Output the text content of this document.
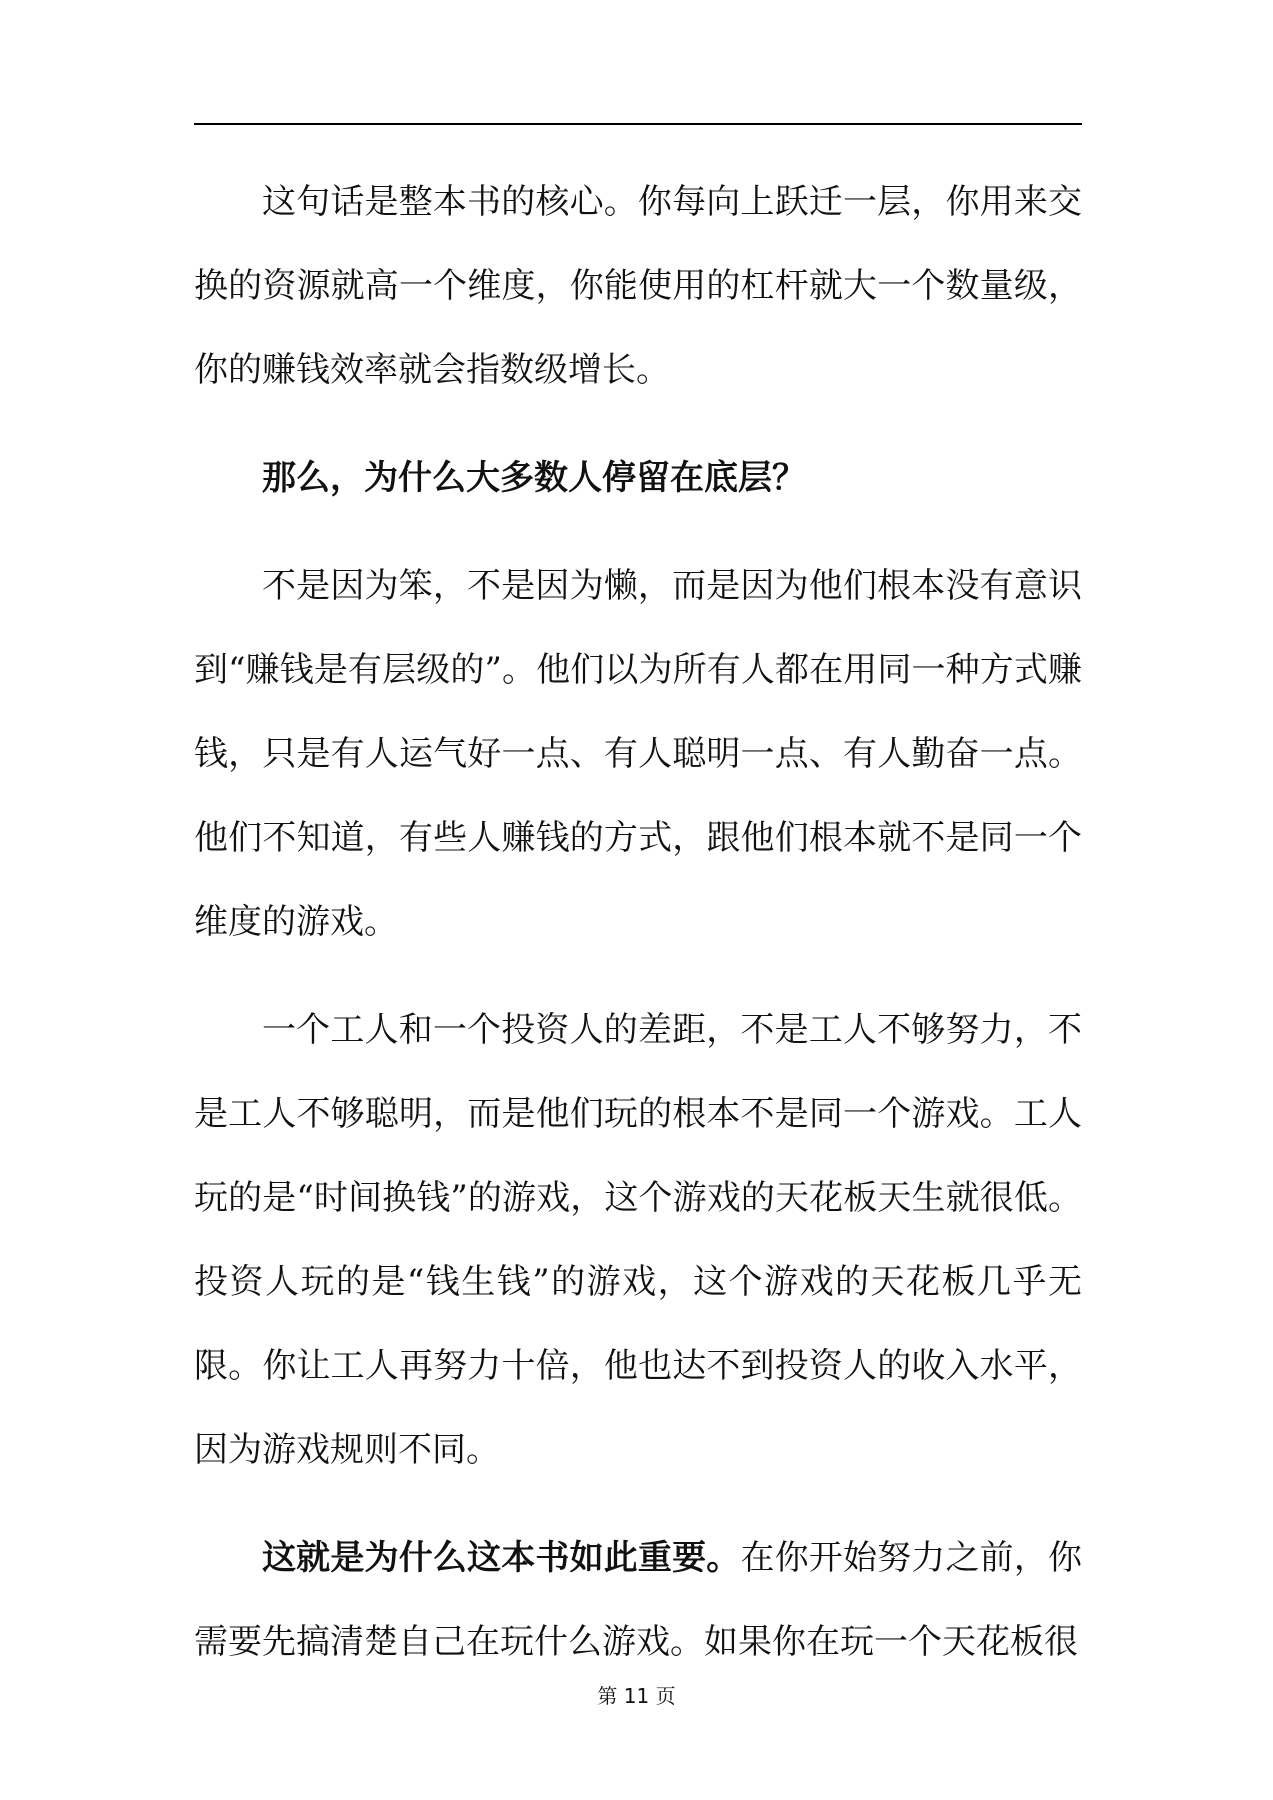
这句话是整本书的核心。你每向上跃迁一层，你用来交换的资源就高一个维度，你能使用的杠杆就大一个数量级，你的赚钱效率就会指数级增长。

那么，为什么大多数人停留在底层？

不是因为笨，不是因为懒，而是因为他们根本没有意识到“赚钱是有层级的”。他们以为所有人都在用同一种方式赚钱，只是有人运气好一点、有人聪明一点、有人勤奋一点。他们不知道，有些人赚钱的方式，跟他们根本就不是同一个维度的游戏。

一个工人和一个投资人的差距，不是工人不够努力，不是工人不够聪明，而是他们玩的根本不是同一个游戏。工人玩的是“时间换钱”的游戏，这个游戏的天花板天生就很低。投资人玩的是“钱生钱”的游戏，这个游戏的天花板几乎无限。你让工人再努力十倍，他也达不到投资人的收入水平，因为游戏规则不同。

这就是为什么这本书如此重要。在你开始努力之前，你需要先搞清楚自己在玩什么游戏。如果你在玩一个天花板很

第 11 页
